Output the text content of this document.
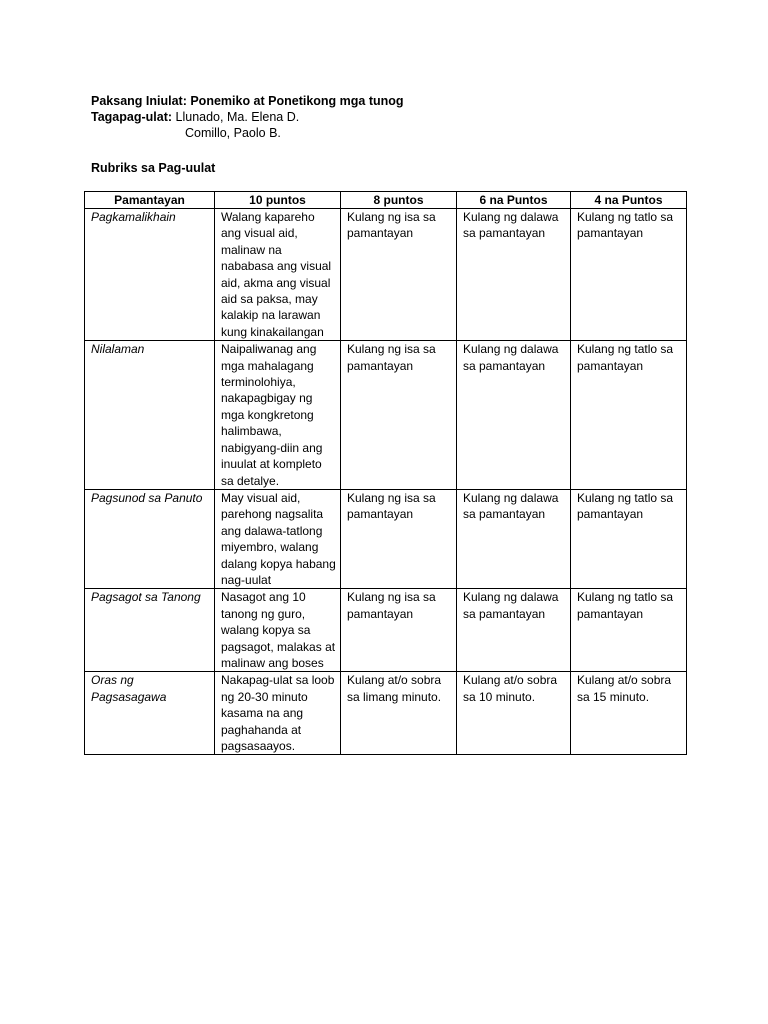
Paksang Iniulat: Ponemiko at Ponetikong mga tunog
Tagapag-ulat: Llunado, Ma. Elena D.
Comillo, Paolo B.
Rubriks sa Pag-uulat
Pamantayan	10 puntos	8 puntos	6 na Puntos	4 na Puntos
Pagkamalikhain	Walang kapareho ang visual aid, malinaw na nababasa ang visual aid, akma ang visual aid sa paksa, may kalakip na larawan kung kinakailangan	Kulang ng isa sa pamantayan	Kulang ng dalawa sa pamantayan	Kulang ng tatlo sa pamantayan
Nilalaman	Naipaliwanag ang mga mahalagang terminolohiya, nakapagbigay ng mga kongkretong halimbawa, nabigyang-diin ang inuulat at kompleto sa detalye.	Kulang ng isa sa pamantayan	Kulang ng dalawa sa pamantayan	Kulang ng tatlo sa pamantayan
Pagsunod sa Panuto	May visual aid, parehong nagsalita ang dalawa-tatlong miyembro, walang dalang kopya habang nag-uulat	Kulang ng isa sa pamantayan	Kulang ng dalawa sa pamantayan	Kulang ng tatlo sa pamantayan
Pagsagot sa Tanong	Nasagot ang 10 tanong ng guro, walang kopya sa pagsagot, malakas at malinaw ang boses	Kulang ng isa sa pamantayan	Kulang ng dalawa sa pamantayan	Kulang ng tatlo sa pamantayan
Oras ng Pagsasagawa	Nakapag-ulat sa loob ng 20-30 minuto kasama na ang paghahanda at pagsasaayos.	Kulang at/o sobra sa limang minuto.	Kulang at/o sobra sa 10 minuto.	Kulang at/o sobra sa 15 minuto.
